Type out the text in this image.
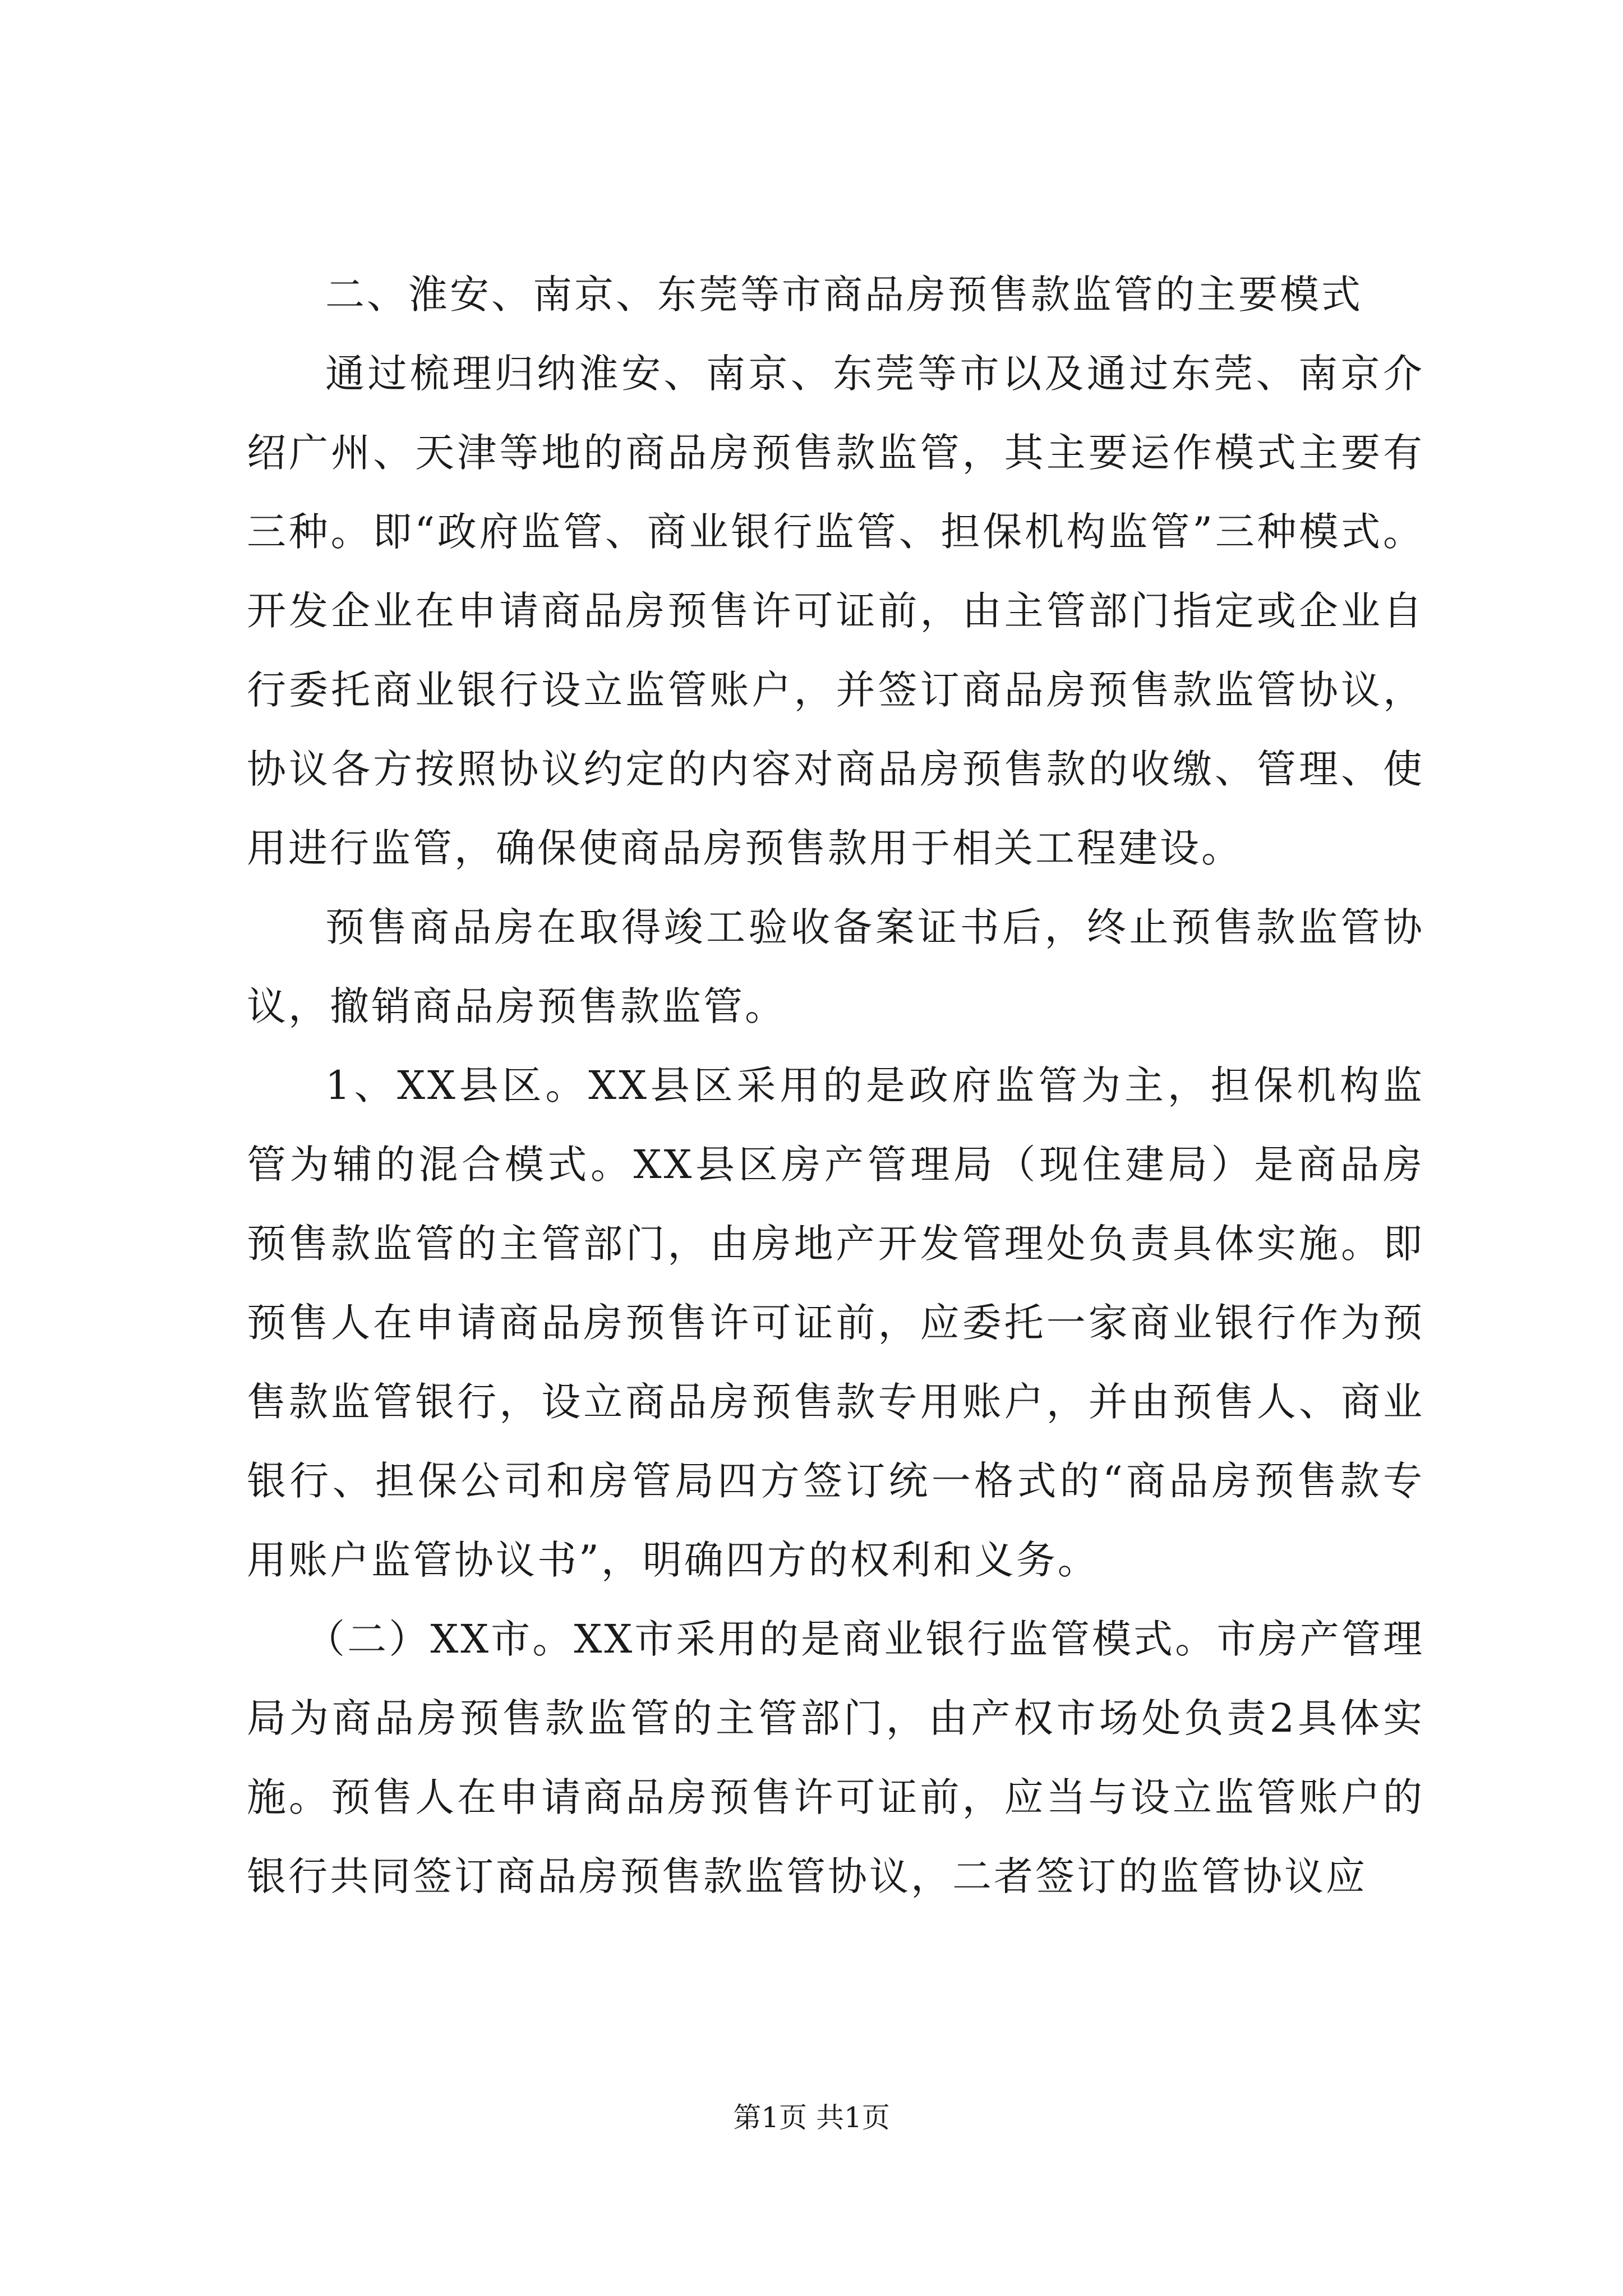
二、淮安、南京、东莞等市商品房预售款监管的主要模式

通过梳理归纳淮安、南京、东莞等市以及通过东莞、南京介绍广州、天津等地的商品房预售款监管，其主要运作模式主要有三种。即“政府监管、商业银行监管、担保机构监管”三种模式。开发企业在申请商品房预售许可证前，由主管部门指定或企业自行委托商业银行设立监管账户，并签订商品房预售款监管协议，协议各方按照协议约定的内容对商品房预售款的收缴、管理、使用进行监管，确保使商品房预售款用于相关工程建设。

预售商品房在取得竣工验收备案证书后，终止预售款监管协议，撤销商品房预售款监管。

1、XX县区。XX县区采用的是政府监管为主，担保机构监管为辅的混合模式。XX县区房产管理局（现住建局）是商品房预售款监管的主管部门，由房地产开发管理处负责具体实施。即预售人在申请商品房预售许可证前，应委托一家商业银行作为预售款监管银行，设立商品房预售款专用账户，并由预售人、商业银行、担保公司和房管局四方签订统一格式的“商品房预售款专用账户监管协议书”，明确四方的权利和义务。

（二）XX市。XX市采用的是商业银行监管模式。市房产管理局为商品房预售款监管的主管部门，由产权市场处负责2具体实施。预售人在申请商品房预售许可证前，应当与设立监管账户的银行共同签订商品房预售款监管协议，二者签订的监管协议应

第1页 共1页
